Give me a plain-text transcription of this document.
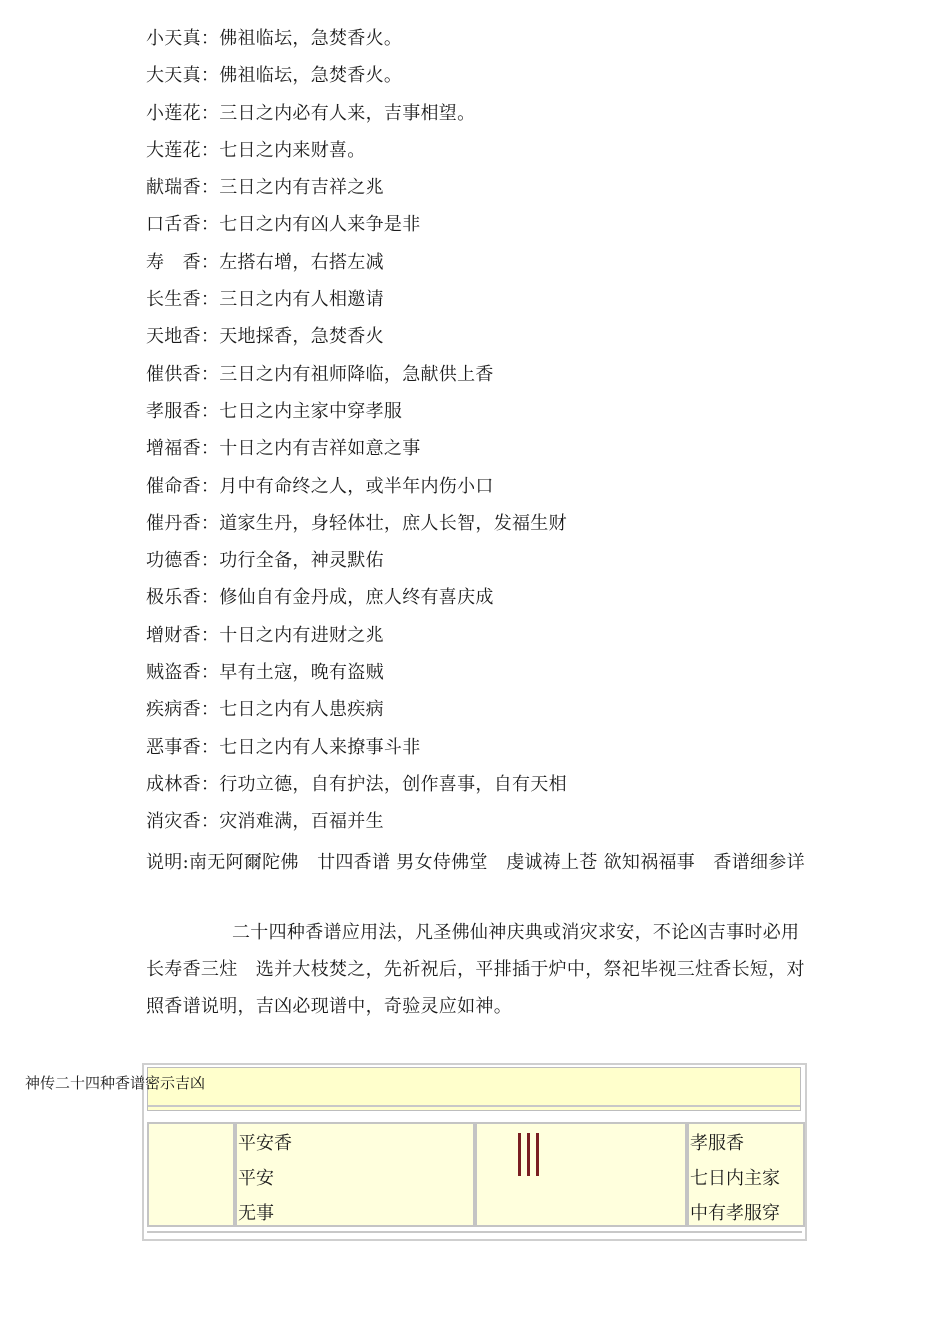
小天真：佛祖临坛，急焚香火。
大天真：佛祖临坛，急焚香火。
小莲花：三日之内必有人来，吉事相望。
大莲花：七日之内来财喜。
献瑞香：三日之内有吉祥之兆
口舌香：七日之内有凶人来争是非
寿　香：左搭右增，右搭左减
长生香：三日之内有人相邀请
天地香：天地採香，急焚香火
催供香：三日之内有祖师降临，急献供上香
孝服香：七日之内主家中穿孝服
增福香：十日之内有吉祥如意之事
催命香：月中有命终之人，或半年内伤小口
催丹香：道家生丹，身轻体壮，庶人长智，发福生财
功德香：功行全备，神灵默佑
极乐香：修仙自有金丹成，庶人终有喜庆成
增财香：十日之内有进财之兆
贼盗香：早有土寇，晚有盗贼
疾病香：七日之内有人患疾病
恶事香：七日之内有人来撩事斗非
成林香：行功立德，自有护法，创作喜事，自有天相
消灾香：灾消难满，百福并生
说明:南无阿爾陀佛　廿四香谱 男女侍佛堂　虔诚祷上苍 欲知祸福事　香谱细参详
二十四种香谱应用法，凡圣佛仙神庆典或消灾求安，不论凶吉事时必用长寿香三炷　选并大枝焚之，先祈祝后，平排插于炉中，祭祀毕视三炷香长短，对照香谱说明，吉凶必现谱中，奇验灵应如神。
平安香
平安
无事
孝服香
七日内主家
中有孝服穿
神传二十四种香谱密示吉凶
